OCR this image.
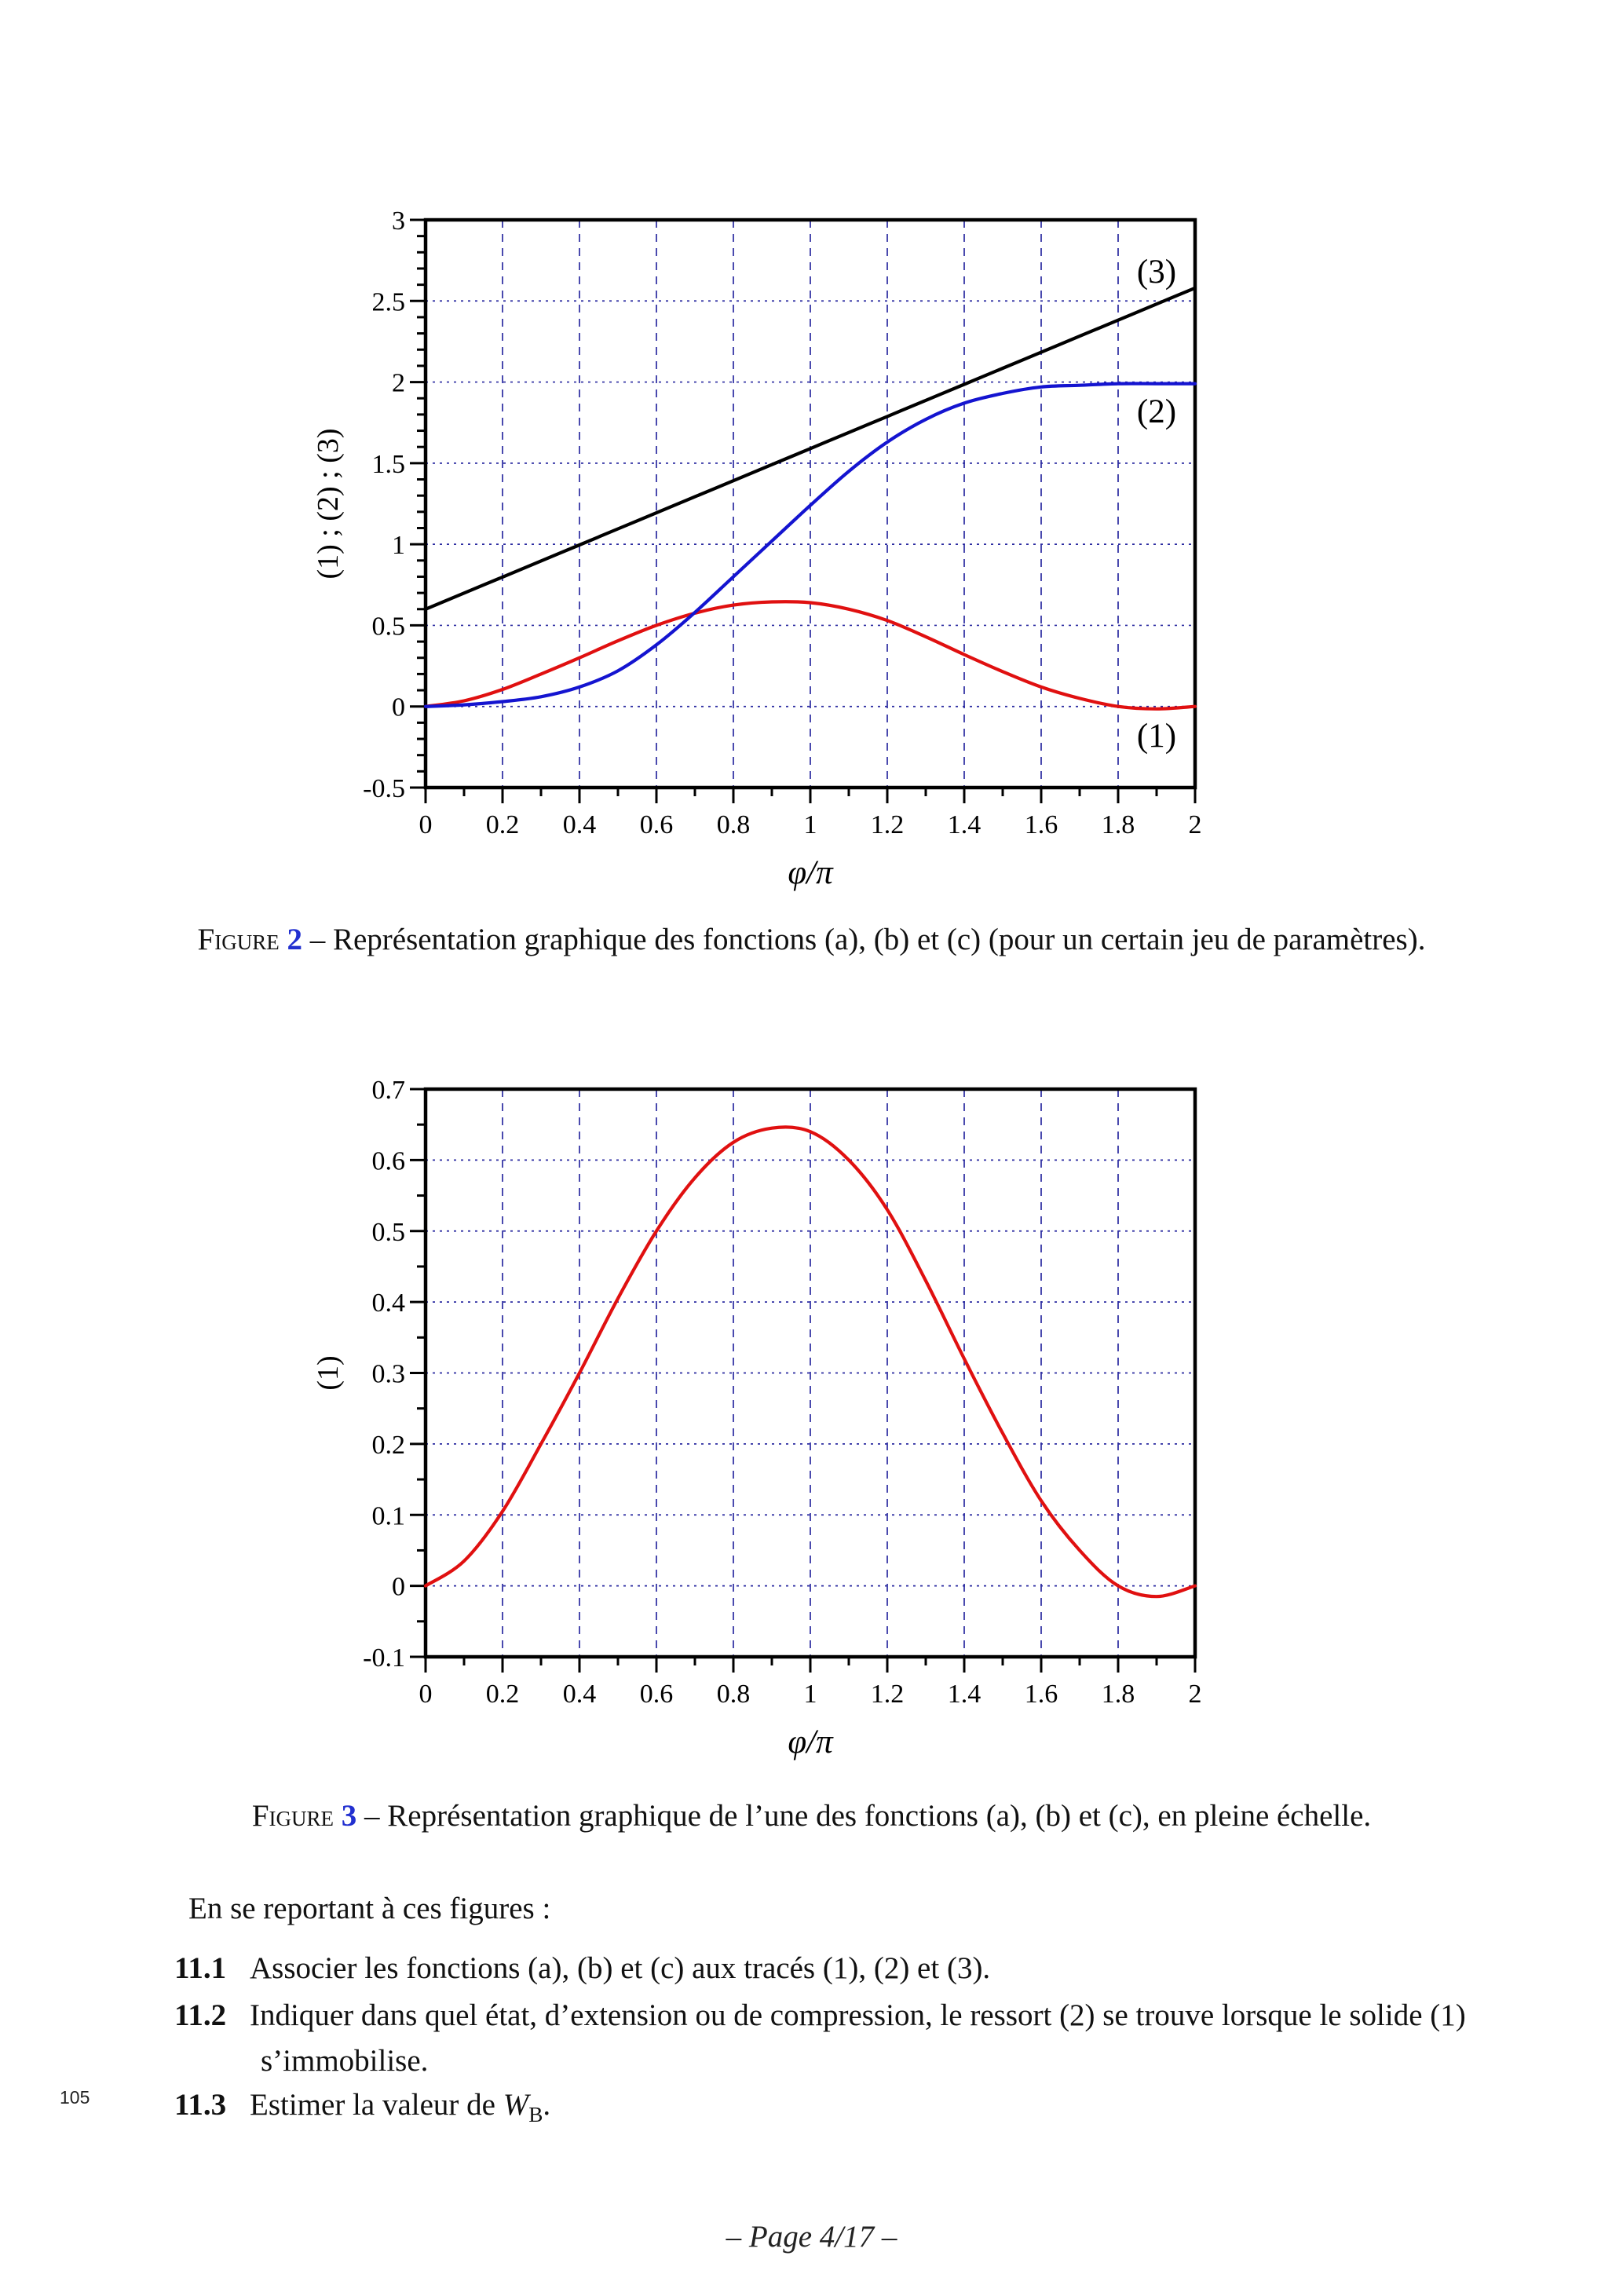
0 0.2 0.4 0.6 0.8 1 1.2 1.4 1.6 1.8 2
-0.5
0
0.5
1
1.5
2
2.5
3
φ/π
(1) ; (2) ; (3)
(3)
(2)
(1)
Figure 2 – Représentation graphique des fonctions (a), (b) et (c) (pour un certain jeu de paramètres).
0 0.2 0.4 0.6 0.8 1 1.2 1.4 1.6 1.8 2
-0.1
0
0.1
0.2
0.3
0.4
0.5
0.6
0.7
φ/π
(1)
Figure 3 – Représentation graphique de l’une des fonctions (a), (b) et (c), en pleine échelle.
En se reportant à ces figures :
11.1 Associer les fonctions (a), (b) et (c) aux tracés (1), (2) et (3).
11.2 Indiquer dans quel état, d’extension ou de compression, le ressort (2) se trouve lorsque le solide (1) s’immobilise.
11.3 Estimer la valeur de $W_B$.
105
– Page 4/17 –
